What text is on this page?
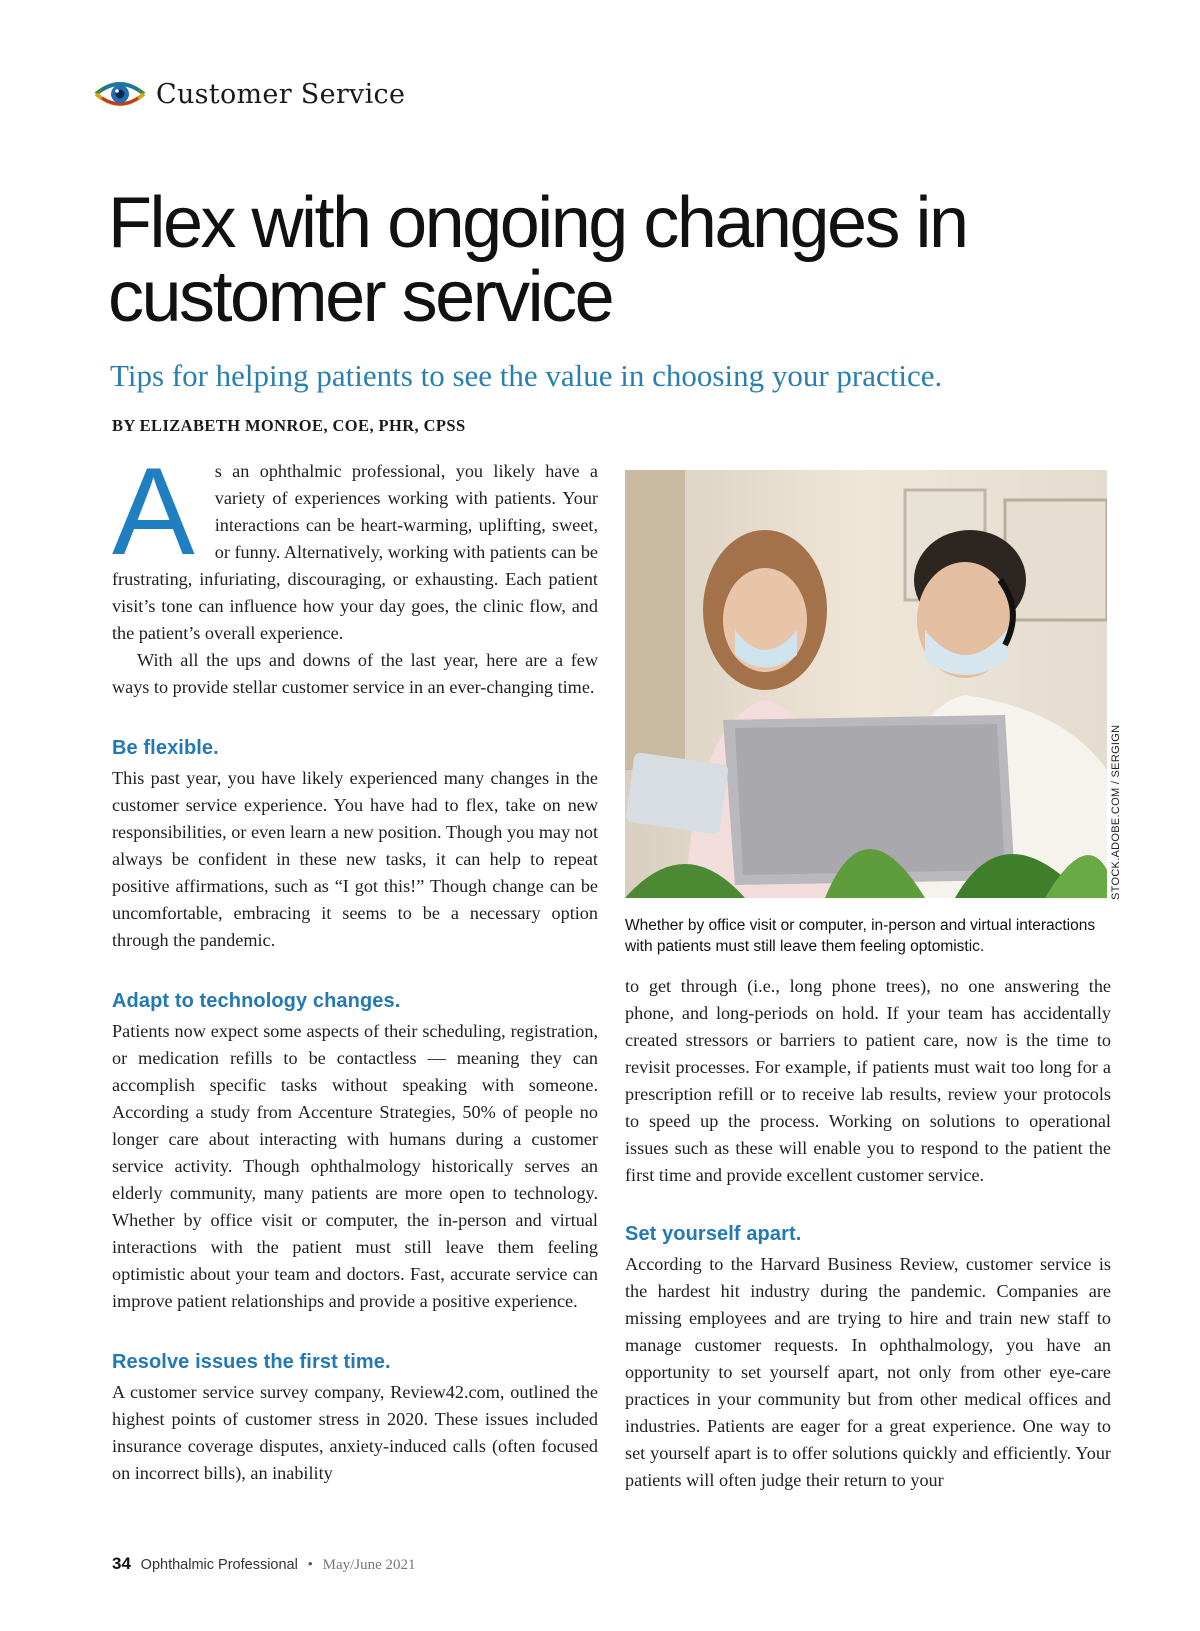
Customer Service
Flex with ongoing changes in customer service
Tips for helping patients to see the value in choosing your practice.

BY ELIZABETH MONROE, COE, PHR, CPSS

A s an ophthalmic professional, you likely have a variety of experiences working with patients. Your interactions can be heart-warming, uplifting, sweet, or funny. Alternatively, working with patients can be frustrating, infuriating, discouraging, or exhausting. Each patient visit’s tone can influence how your day goes, the clinic flow, and the patient’s overall experience.

With all the ups and downs of the last year, here are a few ways to provide stellar customer service in an ever-changing time.

Be flexible.

This past year, you have likely experienced many changes in the customer service experience. You have had to flex, take on new responsibilities, or even learn a new position. Though you may not always be confident in these new tasks, it can help to repeat positive affirmations, such as “I got this!” Though change can be uncomfortable, embracing it seems to be a necessary option through the pandemic.

Adapt to technology changes.

Patients now expect some aspects of their scheduling, registration, or medication refills to be contactless — meaning they can accomplish specific tasks without speaking with someone. According a study from Accenture Strategies, 50% of people no longer care about interacting with humans during a customer service activity. Though ophthalmology historically serves an elderly community, many patients are more open to technology. Whether by office visit or computer, the in-person and virtual interactions with the patient must still leave them feeling optimistic about your team and doctors. Fast, accurate service can improve patient relationships and provide a positive experience.

Resolve issues the first time.

A customer service survey company, Review42.com, outlined the highest points of customer stress in 2020. These issues included insurance coverage disputes, anxiety-induced calls (often focused on incorrect bills), an inability

STOCK.ADOBE.COM / SERGIGN

Whether by office visit or computer, in-person and virtual interactions with patients must still leave them feeling optomistic.

to get through (i.e., long phone trees), no one answering the phone, and long-periods on hold. If your team has accidentally created stressors or barriers to patient care, now is the time to revisit processes. For example, if patients must wait too long for a prescription refill or to receive lab results, review your protocols to speed up the process. Working on solutions to operational issues such as these will enable you to respond to the patient the first time and provide excellent customer service.

Set yourself apart.

According to the Harvard Business Review, customer service is the hardest hit industry during the pandemic. Companies are missing employees and are trying to hire and train new staff to manage customer requests. In ophthalmology, you have an opportunity to set yourself apart, not only from other eye-care practices in your community but from other medical offices and industries. Patients are eager for a great experience. One way to set yourself apart is to offer solutions quickly and efficiently. Your patients will often judge their return to your

34 Ophthalmic Professional • May/June 2021
